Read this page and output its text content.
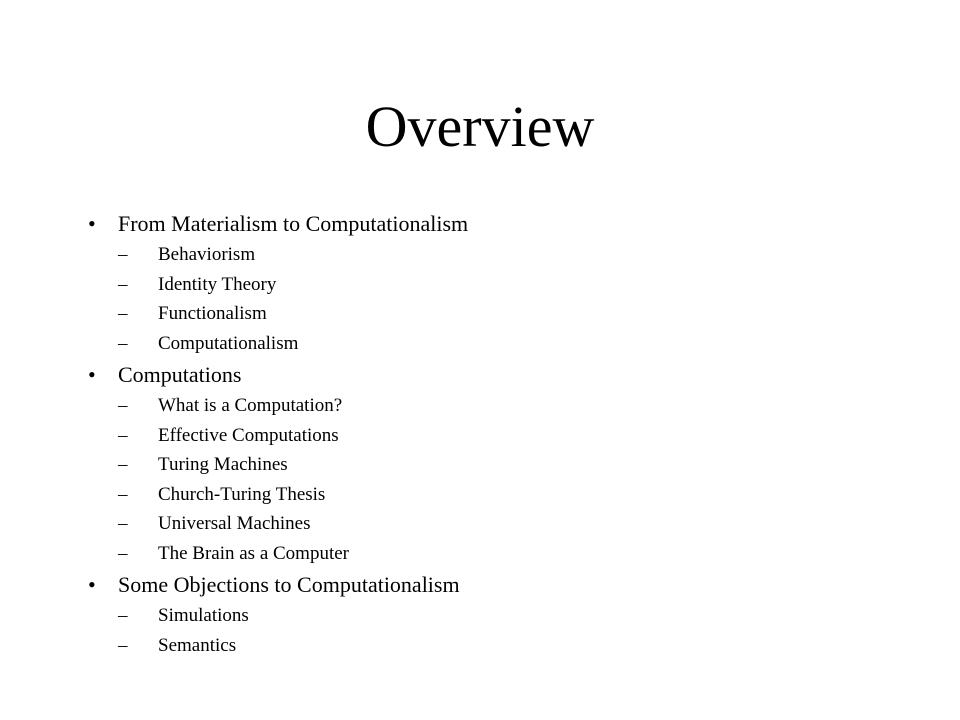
Overview
• From Materialism to Computationalism
– Behaviorism
– Identity Theory
– Functionalism
– Computationalism
• Computations
– What is a Computation?
– Effective Computations
– Turing Machines
– Church-Turing Thesis
– Universal Machines
– The Brain as a Computer
• Some Objections to Computationalism
– Simulations
– Semantics
